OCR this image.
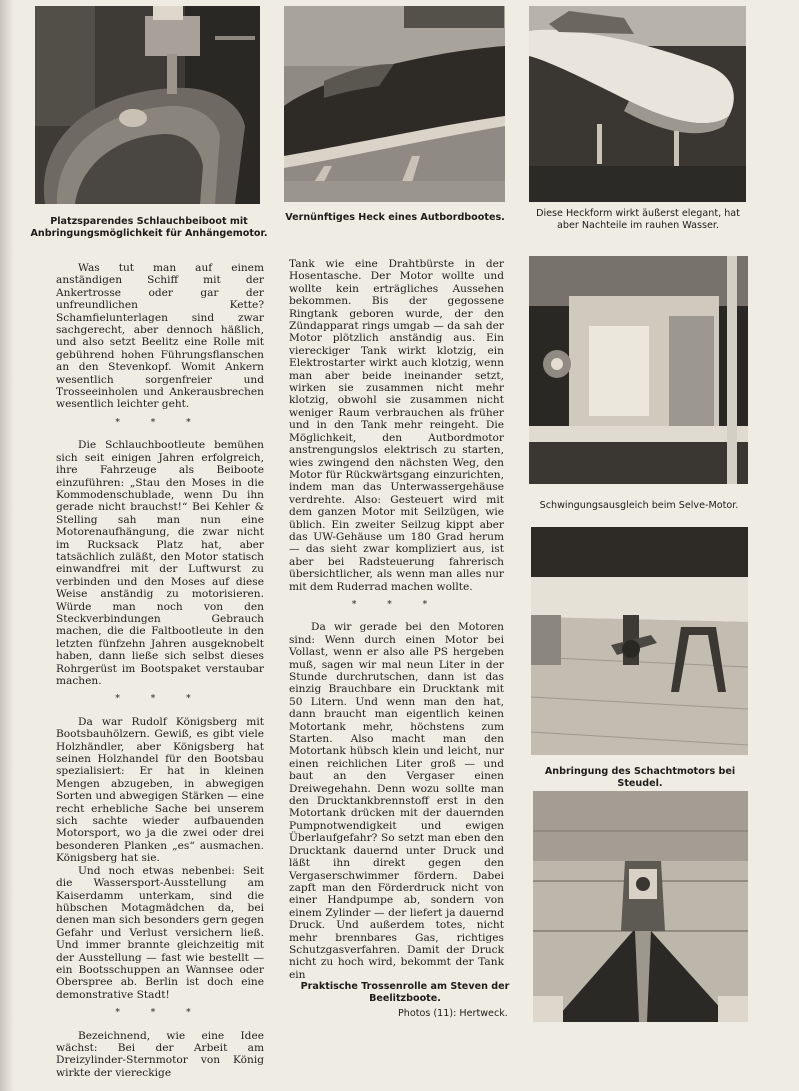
Platzsparendes Schlauchbeiboot mit Anbringungsmöglichkeit für Anhängemotor.
Vernünftiges Heck eines Autbordbootes.	Diese Heckform wirkt äußerst elegant, hat aber Nachteile im rauhen Wasser.

Was tut man auf einem anständigen Schiff mit der Ankertrosse oder gar der unfreundlichen Kette? Schamfielunterlagen sind zwar sachgerecht, aber dennoch häßlich, und also setzt Beelitz eine Rolle mit gebührend hohen Führungsflanschen an den Stevenkopf. Womit Ankern wesentlich sorgenfreier und Trosseeinholen und Ankerausbrechen wesentlich leichter geht.

* * *

Die Schlauchbootleute bemühen sich seit einigen Jahren erfolgreich, ihre Fahrzeuge als Beiboote einzuführen: „Stau den Moses in die Kommodenschublade, wenn Du ihn gerade nicht brauchst!“ Bei Kehler & Stelling sah man nun eine Motorenaufhängung, die zwar nicht im Rucksack Platz hat, aber tatsächlich zuläßt, den Motor statisch einwandfrei mit der Luftwurst zu verbinden und den Moses auf diese Weise anständig zu motorisieren. Würde man noch von den Steckverbindungen Gebrauch machen, die die Faltbootleute in den letzten fünfzehn Jahren ausgeknobelt haben, dann ließe sich selbst dieses Rohrgerüst im Bootspaket verstaubar machen.

* * *

Da war Rudolf Königsberg mit Bootsbauhölzern. Gewiß, es gibt viele Holzhändler, aber Königsberg hat seinen Holzhandel für den Bootsbau spezialisiert: Er hat in kleinen Mengen abzugeben, in abwegigen Sorten und abwegigen Stärken — eine recht erhebliche Sache bei unserem sich sachte wieder aufbauenden Motorsport, wo ja die zwei oder drei besonderen Planken „es“ ausmachen. Königsberg hat sie.

Und noch etwas nebenbei: Seit die Wassersport-Ausstellung am Kaiserdamm unterkam, sind die hübschen Motagmädchen da, bei denen man sich besonders gern gegen Gefahr und Verlust versichern ließ. Und immer brannte gleichzeitig mit der Ausstellung — fast wie bestellt — ein Bootsschuppen an Wannsee oder Oberspree ab. Berlin ist doch eine demonstrative Stadt!

* * *

Bezeichnend, wie eine Idee wächst: Bei der Arbeit am Dreizylinder-Sternmotor von König wirkte der viereckige

Tank wie eine Drahtbürste in der Hosentasche. Der Motor wollte und wollte kein erträgliches Aussehen bekommen. Bis der gegossene Ringtank geboren wurde, der den Zündapparat rings umgab — da sah der Motor plötzlich anständig aus. Ein viereckiger Tank wirkt klotzig, ein Elektrostarter wirkt auch klotzig, wenn man aber beide ineinander setzt, wirken sie zusammen nicht mehr klotzig, obwohl sie zusammen nicht weniger Raum verbrauchen als früher und in den Tank mehr reingeht. Die Möglichkeit, den Autbordmotor anstrengungslos elektrisch zu starten, wies zwingend den nächsten Weg, den Motor für Rückwärtsgang einzurichten, indem man das Unterwassergehäuse verdrehte. Also: Gesteuert wird mit dem ganzen Motor mit Seilzügen, wie üblich. Ein zweiter Seilzug kippt aber das UW-Gehäuse um 180 Grad herum — das sieht zwar kompliziert aus, ist aber bei Radsteuerung fahrerisch übersichtlicher, als wenn man alles nur mit dem Ruderrad machen wollte.

* * *

Da wir gerade bei den Motoren sind: Wenn durch einen Motor bei Vollast, wenn er also alle PS hergeben muß, sagen wir mal neun Liter in der Stunde durchrutschen, dann ist das einzig Brauchbare ein Drucktank mit 50 Litern. Und wenn man den hat, dann braucht man eigentlich keinen Motortank mehr, höchstens zum Starten. Also macht man den Motortank hübsch klein und leicht, nur einen reichlichen Liter groß — und baut an den Vergaser einen Dreiwegehahn. Denn wozu sollte man den Drucktankbrennstoff erst in den Motortank drücken mit der dauernden Pumpnotwendigkeit und ewigen Überlaufgefahr? So setzt man eben den Drucktank dauernd unter Druck und läßt ihn direkt gegen den Vergaserschwimmer fördern. Dabei zapft man den Förderdruck nicht von einer Handpumpe ab, sondern von einem Zylinder — der liefert ja dauernd Druck. Und außerdem totes, nicht mehr brennbares Gas, richtiges Schutzgasverfahren. Damit der Druck nicht zu hoch wird, bekommt der Tank ein

Schwingungsausgleich beim Selve-Motor.
Anbringung des Schachtmotors bei Steudel.
Praktische Trossenrolle am Steven der Beelitzboote.
Photos (11): Hertweck.
